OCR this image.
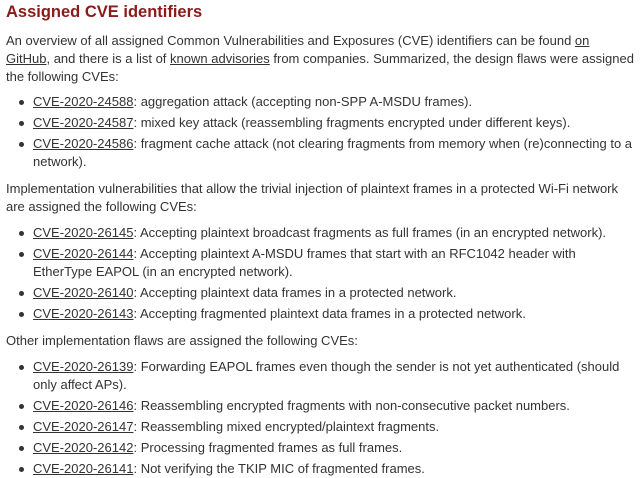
Assigned CVE identifiers

An overview of all assigned Common Vulnerabilities and Exposures (CVE) identifiers can be found on GitHub, and there is a list of known advisories from companies. Summarized, the design flaws were assigned the following CVEs:

CVE-2020-24588: aggregation attack (accepting non-SPP A-MSDU frames).
CVE-2020-24587: mixed key attack (reassembling fragments encrypted under different keys).
CVE-2020-24586: fragment cache attack (not clearing fragments from memory when (re)connecting to a network).

Implementation vulnerabilities that allow the trivial injection of plaintext frames in a protected Wi-Fi network are assigned the following CVEs:

CVE-2020-26145: Accepting plaintext broadcast fragments as full frames (in an encrypted network).
CVE-2020-26144: Accepting plaintext A-MSDU frames that start with an RFC1042 header with EtherType EAPOL (in an encrypted network).
CVE-2020-26140: Accepting plaintext data frames in a protected network.
CVE-2020-26143: Accepting fragmented plaintext data frames in a protected network.

Other implementation flaws are assigned the following CVEs:

CVE-2020-26139: Forwarding EAPOL frames even though the sender is not yet authenticated (should only affect APs).
CVE-2020-26146: Reassembling encrypted fragments with non-consecutive packet numbers.
CVE-2020-26147: Reassembling mixed encrypted/plaintext fragments.
CVE-2020-26142: Processing fragmented frames as full frames.
CVE-2020-26141: Not verifying the TKIP MIC of fragmented frames.
